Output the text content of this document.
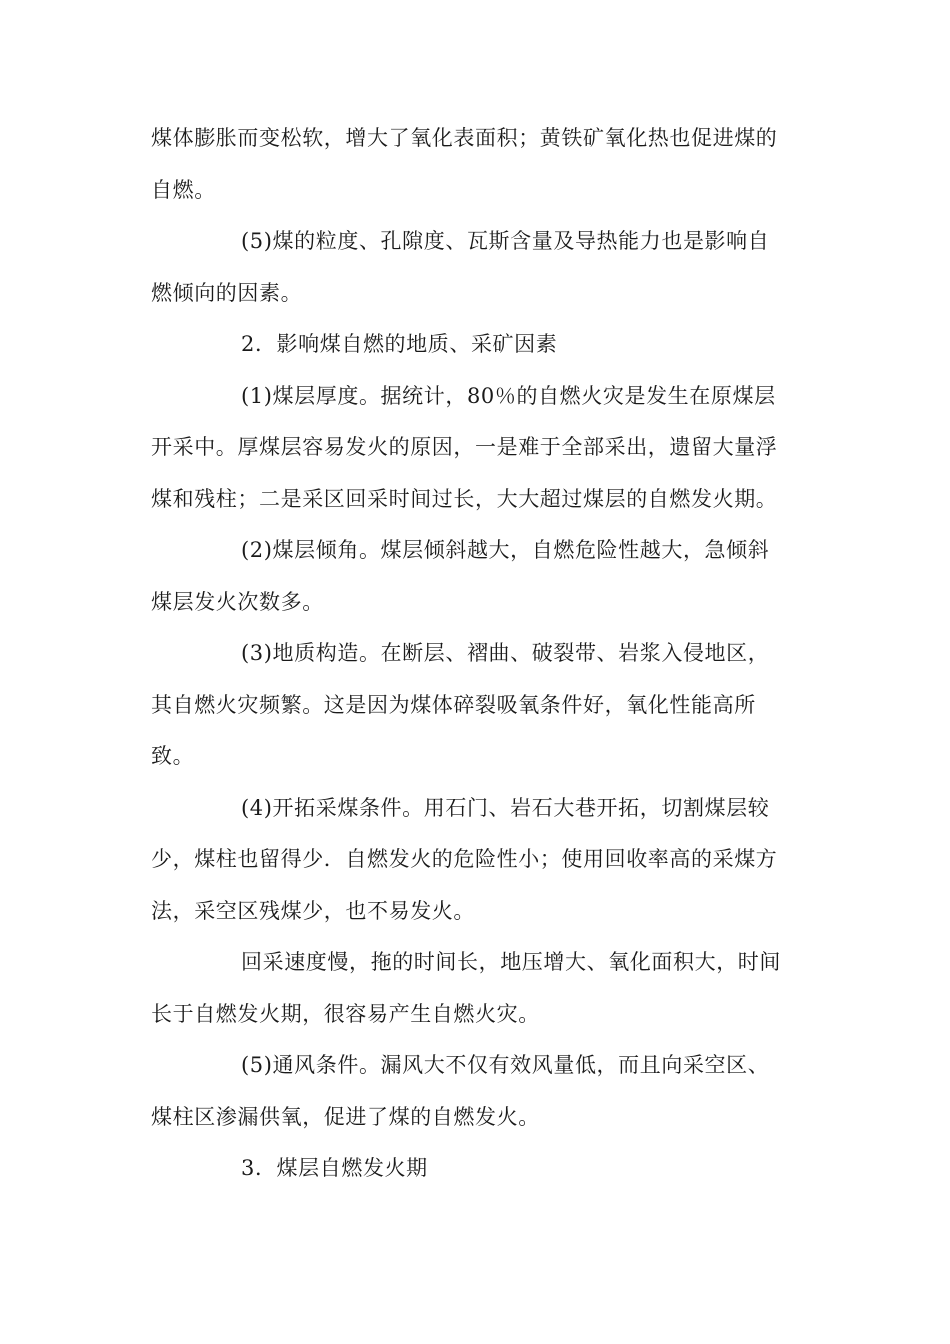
煤体膨胀而变松软，增大了氧化表面积；黄铁矿氧化热也促进煤的
自燃。
(5)煤的粒度、孔隙度、瓦斯含量及导热能力也是影响自
燃倾向的因素。
2．影响煤自燃的地质、采矿因素
(1)煤层厚度。据统计，80％的自燃火灾是发生在原煤层
开采中。厚煤层容易发火的原因，一是难于全部采出，遗留大量浮
煤和残柱；二是采区回采时间过长，大大超过煤层的自燃发火期。
(2)煤层倾角。煤层倾斜越大，自燃危险性越大，急倾斜
煤层发火次数多。
(3)地质构造。在断层、褶曲、破裂带、岩浆入侵地区，
其自燃火灾频繁。这是因为煤体碎裂吸氧条件好，氧化性能高所
致。
(4)开拓采煤条件。用石门、岩石大巷开拓，切割煤层较
少，煤柱也留得少．自燃发火的危险性小；使用回收率高的采煤方
法，采空区残煤少，也不易发火。
回采速度慢，拖的时间长，地压增大、氧化面积大，时间
长于自燃发火期，很容易产生自燃火灾。
(5)通风条件。漏风大不仅有效风量低，而且向采空区、
煤柱区渗漏供氧，促进了煤的自燃发火。
3．煤层自燃发火期
